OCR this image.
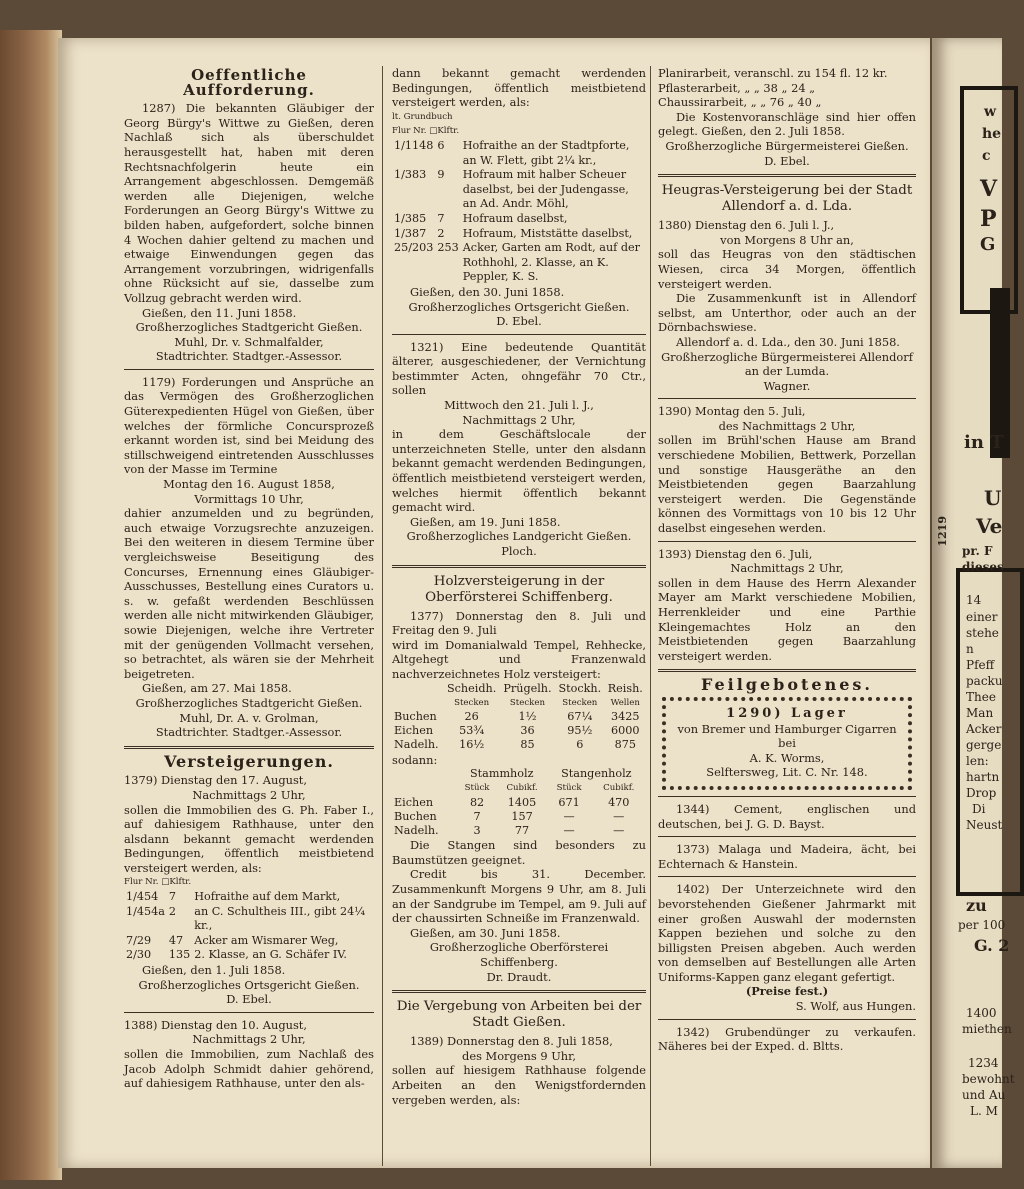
Oeffentliche Aufforderung.

1287) Die bekannten Gläubiger der Georg Bürgy's Wittwe zu Gießen, deren Nachlaß sich als überschuldet herausgestellt hat, haben mit deren Rechtsnachfolgerin heute ein Arrangement abgeschlossen. Demgemäß werden alle Diejenigen, welche Forderungen an Georg Bürgy's Wittwe zu bilden haben, aufgefordert, solche binnen 4 Wochen dahier geltend zu machen und etwaige Einwendungen gegen das Arrangement vorzubringen, widrigenfalls ohne Rücksicht auf sie, dasselbe zum Vollzug gebracht werden wird.

Gießen, den 11. Juni 1858.

Großherzogliches Stadtgericht Gießen.

Muhl, Dr. v. Schmalfalder,

Stadtrichter. Stadtger.-Assessor.

1179) Forderungen und Ansprüche an das Vermögen des Großherzoglichen Güterexpedienten Hügel von Gießen, über welches der förmliche Concursprozeß erkannt worden ist, sind bei Meidung des stillschweigend eintretenden Ausschlusses von der Masse im Termine

Montag den 16. August 1858,

Vormittags 10 Uhr,

dahier anzumelden und zu begründen, auch etwaige Vorzugsrechte anzuzeigen. Bei den weiteren in diesem Termine über vergleichsweise Beseitigung des Concurses, Ernennung eines Gläubiger-Ausschusses, Bestellung eines Curators u. s. w. gefaßt werdenden Beschlüssen werden alle nicht mitwirkenden Gläubiger, sowie Diejenigen, welche ihre Vertreter mit der genügenden Vollmacht versehen, so betrachtet, als wären sie der Mehrheit beigetreten.

Gießen, am 27. Mai 1858.

Großherzogliches Stadtgericht Gießen.

Muhl, Dr. A. v. Grolman,

Stadtrichter. Stadtger.-Assessor.

Versteigerungen.

1379) Dienstag den 17. August,

Nachmittags 2 Uhr,

sollen die Immobilien des G. Ph. Faber I., auf dahiesigem Rathhause, unter den alsdann bekannt gemacht werdenden Bedingungen, öffentlich meistbietend versteigert werden, als:

Flur Nr. □Klftr.

1/454	7	Hofraithe auf dem Markt,
1/454a	2	an C. Schultheis III., gibt 24¼ kr.,
7/29	47	Acker am Wismarer Weg,
2/30	135	2. Klasse, an G. Schäfer IV.

Gießen, den 1. Juli 1858.

Großherzogliches Ortsgericht Gießen.

D. Ebel.

1388) Dienstag den 10. August,

Nachmittags 2 Uhr,

sollen die Immobilien, zum Nachlaß des Jacob Adolph Schmidt dahier gehörend, auf dahiesigem Rathhause, unter den als-

dann bekannt gemacht werdenden Bedingungen, öffentlich meistbietend versteigert werden, als:

lt. Grundbuch

Flur Nr. □Klftr.

1/1148	6	Hofraithe an der Stadtpforte, an W. Flett, gibt 2¼ kr.,
1/383	9	Hofraum mit halber Scheuer daselbst, bei der Judengasse, an Ad. Andr. Möhl,
1/385	7	Hofraum daselbst,
1/387	2	Hofraum, Miststätte daselbst,
25/203	253	Acker, Garten am Rodt, auf der Rothhohl, 2. Klasse, an K. Peppler, K. S.

Gießen, den 30. Juni 1858.

Großherzogliches Ortsgericht Gießen.

D. Ebel.

1321) Eine bedeutende Quantität älterer, ausgeschiedener, der Vernichtung bestimmter Acten, ohngefähr 70 Ctr., sollen

Mittwoch den 21. Juli l. J.,

Nachmittags 2 Uhr,

in dem Geschäftslocale der unterzeichneten Stelle, unter den alsdann bekannt gemacht werdenden Bedingungen, öffentlich meistbietend versteigert werden, welches hiermit öffentlich bekannt gemacht wird.

Gießen, am 19. Juni 1858.

Großherzogliches Landgericht Gießen.

Ploch.

Holzversteigerung in der Oberförsterei Schiffenberg.

1377) Donnerstag den 8. Juli und Freitag den 9. Juli

wird im Domanialwald Tempel, Rehhecke, Altgehegt und Franzenwald nachverzeichnetes Holz versteigert:

	Scheidh.	Prügelh.	Stockh.	Reish.
	Stecken	Stecken	Stecken	Wellen
Buchen	26	1½	67¼	3425
Eichen	53¾	36	95½	6000
Nadelh.	16½	85	6	875

sodann:

	Stammholz		Stangenholz	
	Stück	Cubikf.	Stück	Cubikf.
Eichen	82	1405	671	470
Buchen	7	157	—	—
Nadelh.	3	77	—	—

Die Stangen sind besonders zu Baumstützen geeignet.

Credit bis 31. December. Zusammenkunft Morgens 9 Uhr, am 8. Juli an der Sandgrube im Tempel, am 9. Juli auf der chaussirten Schneiße im Franzenwald.

Gießen, am 30. Juni 1858.

Großherzogliche Oberförsterei Schiffenberg.

Dr. Draudt.

Die Vergebung von Arbeiten bei der Stadt Gießen.

1389) Donnerstag den 8. Juli 1858,

des Morgens 9 Uhr,

sollen auf hiesigem Rathhause folgende Arbeiten an den Wenigstfordernden vergeben werden, als:

Planirarbeit, veranschl. zu 154 fl. 12 kr.

Pflasterarbeit, „ „ 38 „ 24 „

Chaussirarbeit, „ „ 76 „ 40 „

Die Kostenvoranschläge sind hier offen gelegt. Gießen, den 2. Juli 1858.

Großherzogliche Bürgermeisterei Gießen.

D. Ebel.

Heugras-Versteigerung bei der Stadt Allendorf a. d. Lda.

1380) Dienstag den 6. Juli l. J.,

von Morgens 8 Uhr an,

soll das Heugras von den städtischen Wiesen, circa 34 Morgen, öffentlich versteigert werden.

Die Zusammenkunft ist in Allendorf selbst, am Unterthor, oder auch an der Dörnbachswiese.

Allendorf a. d. Lda., den 30. Juni 1858.

Großherzogliche Bürgermeisterei Allendorf an der Lumda.

Wagner.

1390) Montag den 5. Juli,

des Nachmittags 2 Uhr,

sollen im Brühl'schen Hause am Brand verschiedene Mobilien, Bettwerk, Porzellan und sonstige Hausgeräthe an den Meistbietenden gegen Baarzahlung versteigert werden. Die Gegenstände können des Vormittags von 10 bis 12 Uhr daselbst eingesehen werden.

1393) Dienstag den 6. Juli,

Nachmittags 2 Uhr,

sollen in dem Hause des Herrn Alexander Mayer am Markt verschiedene Mobilien, Herrenkleider und eine Parthie Kleingemachtes Holz an den Meistbietenden gegen Baarzahlung versteigert werden.

Feilgebotenes.
1290) Lager
von Bremer und Hamburger Cigarren bei
A. K. Worms,
Selftersweg, Lit. C. Nr. 148.

1344) Cement, englischen und deutschen, bei J. G. D. Bayst.

1373) Malaga und Madeira, ächt, bei Echternach & Hanstein.

1402) Der Unterzeichnete wird den bevorstehenden Gießener Jahrmarkt mit einer großen Auswahl der modernsten Kappen beziehen und solche zu den billigsten Preisen abgeben. Auch werden von demselben auf Bestellungen alle Arten Uniforms-Kappen ganz elegant gefertigt.

(Preise fest.)

S. Wolf, aus Hungen.

1342) Grubendünger zu verkaufen. Näheres bei der Exped. d. Bltts.

w
he
c
V
P
G
in T
U
Ve
pr. F
dieses
14
einer
stehe
n
Pfeff
packu
Thee
Man
Acker
gerge
len:
hartn
Drop
Di
Neust
zu
per 100
G. 2
1400
miethen
1234
bewohnt
und Au
L. M
1219
